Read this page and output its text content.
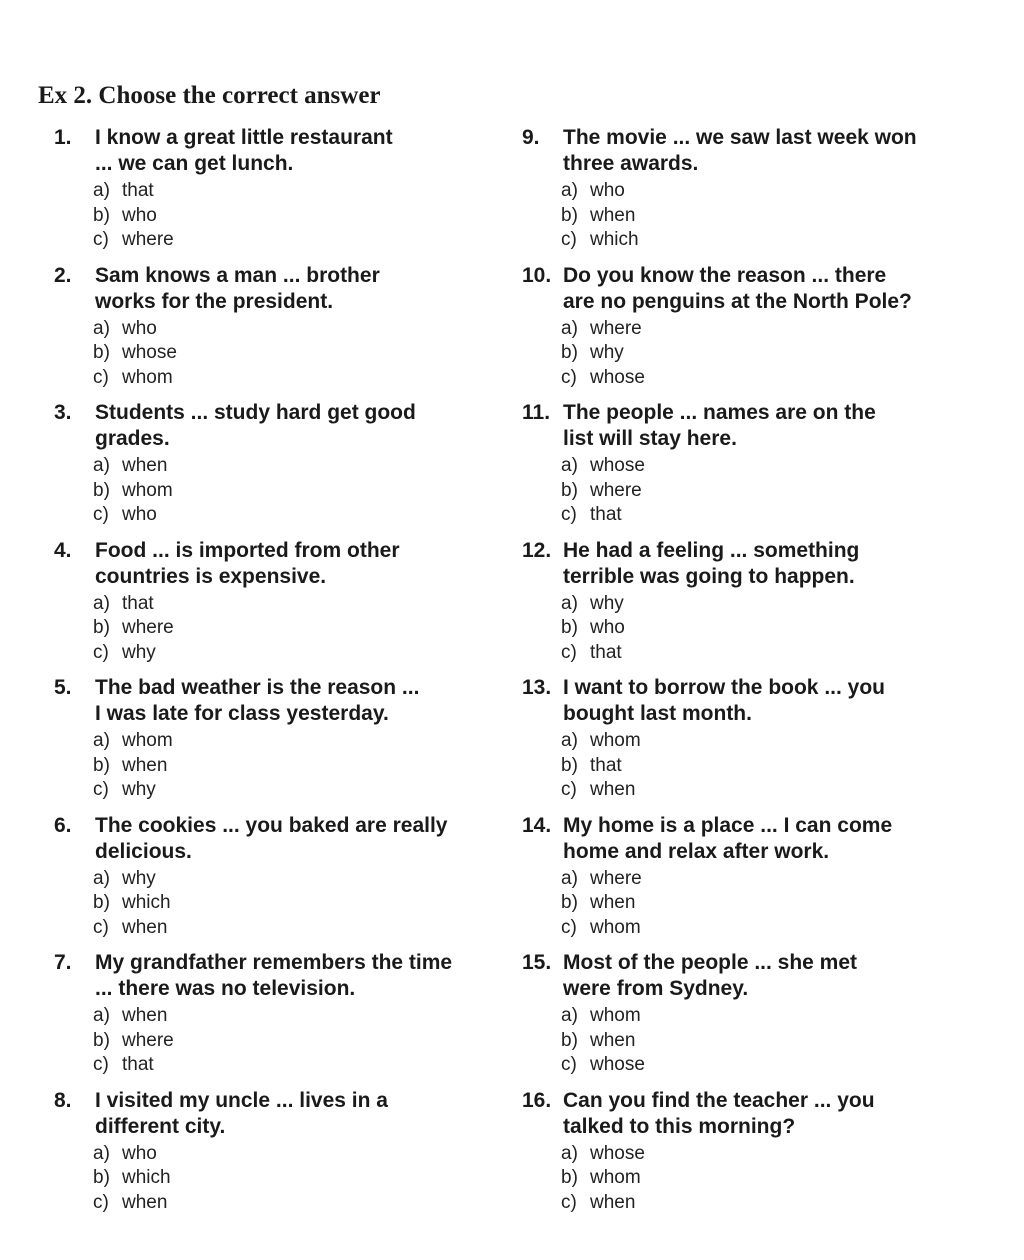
Ex 2. Choose the correct answer
1. I know a great little restaurant
... we can get lunch.
a) that
b) who
c) where
2. Sam knows a man ... brother
works for the president.
a) who
b) whose
c) whom
3. Students ... study hard get good
grades.
a) when
b) whom
c) who
4. Food ... is imported from other
countries is expensive.
a) that
b) where
c) why
5. The bad weather is the reason ...
I was late for class yesterday.
a) whom
b) when
c) why
6. The cookies ... you baked are really
delicious.
a) why
b) which
c) when
7. My grandfather remembers the time
... there was no television.
a) when
b) where
c) that
8. I visited my uncle ... lives in a
different city.
a) who
b) which
c) when
9. The movie ... we saw last week won
three awards.
a) who
b) when
c) which
10. Do you know the reason ... there
are no penguins at the North Pole?
a) where
b) why
c) whose
11. The people ... names are on the
list will stay here.
a) whose
b) where
c) that
12. He had a feeling ... something
terrible was going to happen.
a) why
b) who
c) that
13. I want to borrow the book ... you
bought last month.
a) whom
b) that
c) when
14. My home is a place ... I can come
home and relax after work.
a) where
b) when
c) whom
15. Most of the people ... she met
were from Sydney.
a) whom
b) when
c) whose
16. Can you find the teacher ... you
talked to this morning?
a) whose
b) whom
c) when
